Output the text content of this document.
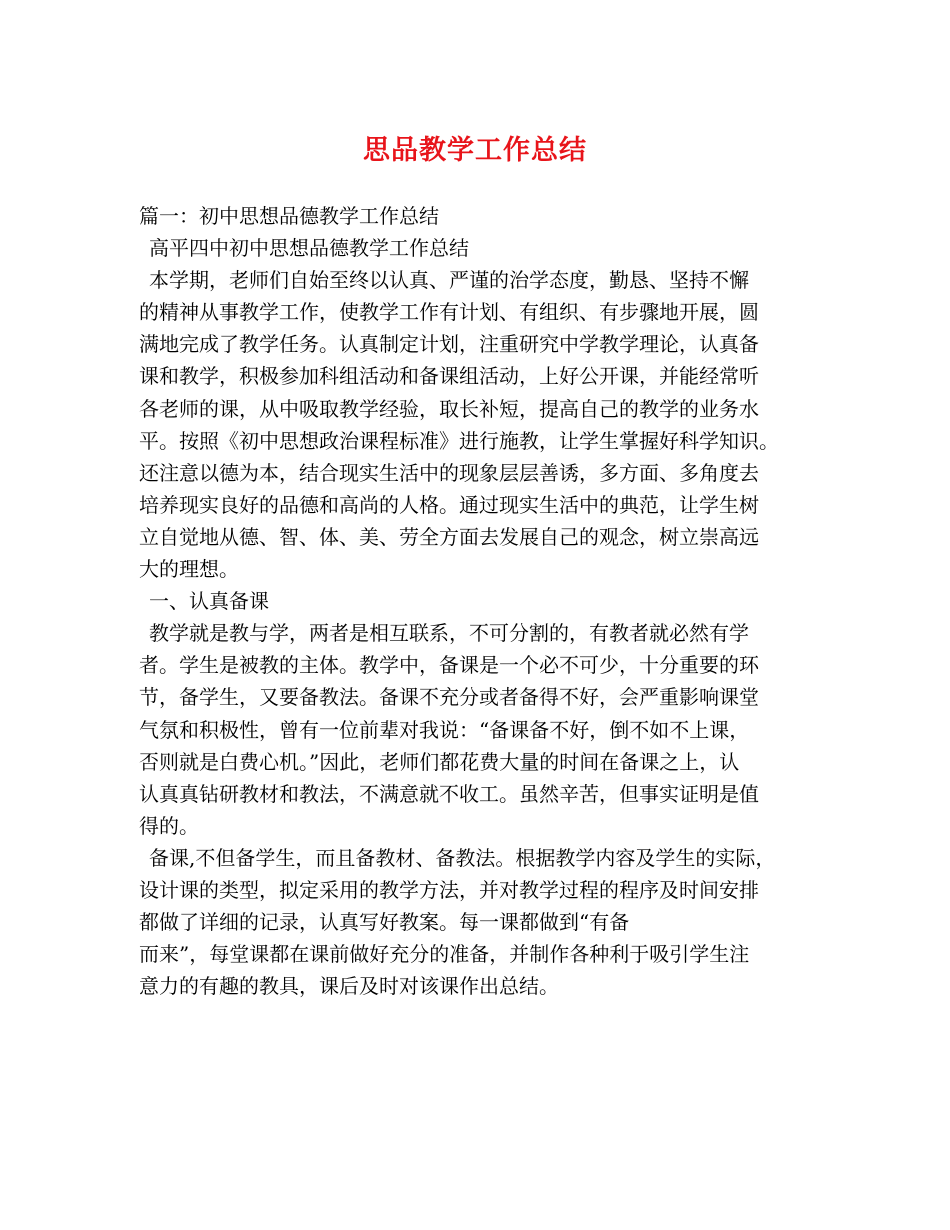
思品教学工作总结
篇一：初中思想品德教学工作总结
高平四中初中思想品德教学工作总结
本学期，老师们自始至终以认真、严谨的治学态度，勤恳、坚持不懈
的精神从事教学工作，使教学工作有计划、有组织、有步骤地开展，圆
满地完成了教学任务。认真制定计划，注重研究中学教学理论，认真备
课和教学，积极参加科组活动和备课组活动，上好公开课，并能经常听
各老师的课，从中吸取教学经验，取长补短，提高自己的教学的业务水
平。按照《初中思想政治课程标准》进行施教，让学生掌握好科学知识。
还注意以德为本，结合现实生活中的现象层层善诱，多方面、多角度去
培养现实良好的品德和高尚的人格。通过现实生活中的典范，让学生树
立自觉地从德、智、体、美、劳全方面去发展自己的观念，树立崇高远
大的理想。
一、认真备课
教学就是教与学，两者是相互联系，不可分割的，有教者就必然有学
者。学生是被教的主体。教学中，备课是一个必不可少，十分重要的环
节，备学生，又要备教法。备课不充分或者备得不好，会严重影响课堂
气氛和积极性，曾有一位前辈对我说：“备课备不好，倒不如不上课，
否则就是白费心机。”因此，老师们都花费大量的时间在备课之上，认
认真真钻研教材和教法，不满意就不收工。虽然辛苦，但事实证明是值
得的。
备课,不但备学生，而且备教材、备教法。根据教学内容及学生的实际，
设计课的类型，拟定采用的教学方法，并对教学过程的程序及时间安排
都做了详细的记录，认真写好教案。每一课都做到“有备
而来”，每堂课都在课前做好充分的准备，并制作各种利于吸引学生注
意力的有趣的教具，课后及时对该课作出总结。
